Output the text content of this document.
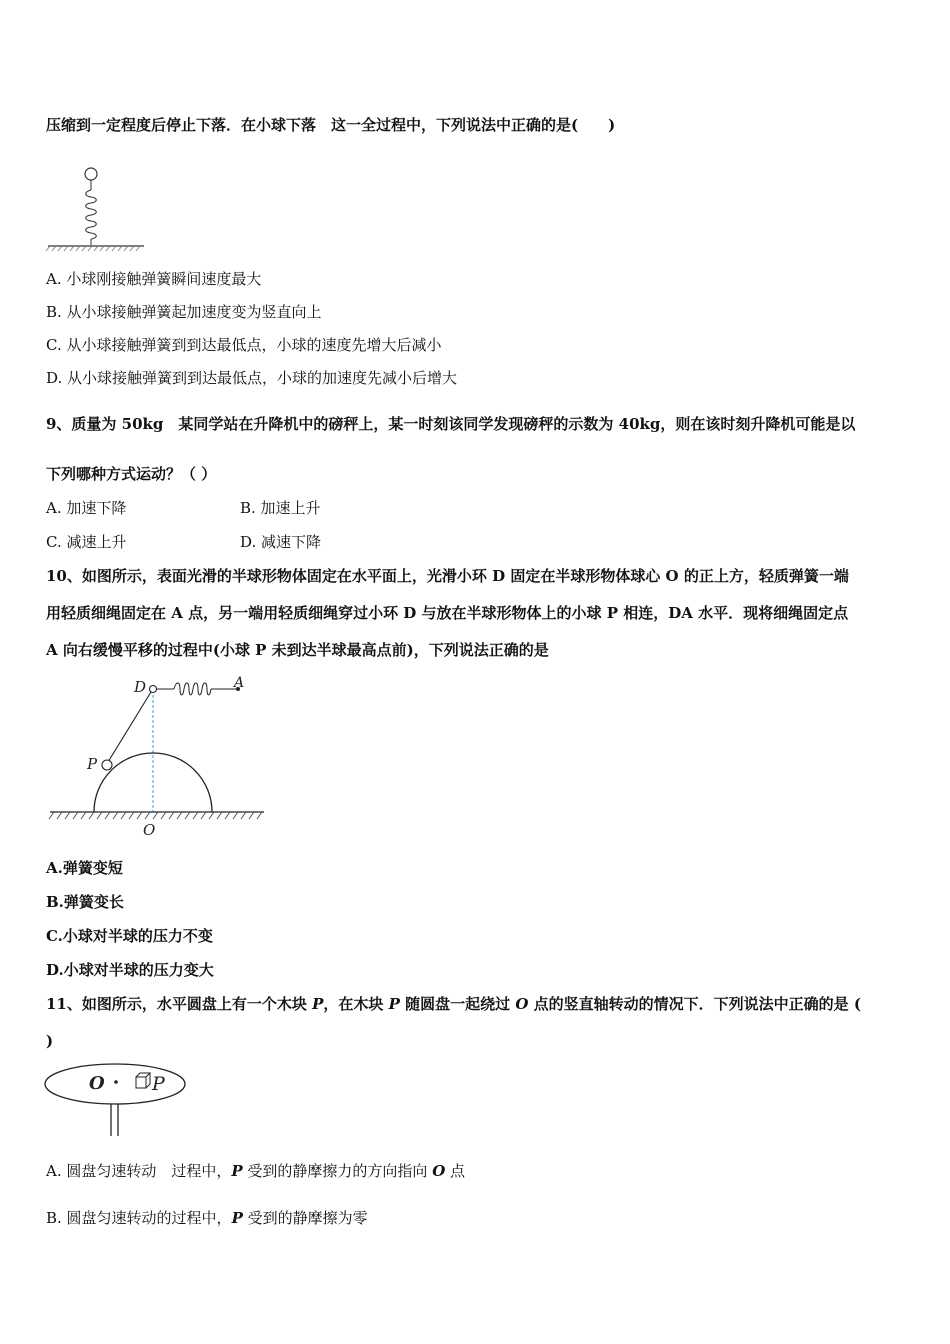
压缩到一定程度后停止下落．在小球下落　这一全过程中，下列说法中正确的是(　　)
A. 小球刚接触弹簧瞬间速度最大
B. 从小球接触弹簧起加速度变为竖直向上
C. 从小球接触弹簧到到达最低点，小球的速度先增大后减小
D. 从小球接触弹簧到到达最低点，小球的加速度先减小后增大
9、质量为 50kg　某同学站在升降机中的磅秤上，某一时刻该同学发现磅秤的示数为 40kg，则在该时刻升降机可能是以
下列哪种方式运动？（ ）
A. 加速下降	B. 加速上升
C. 减速上升	D. 减速下降
10、如图所示，表面光滑的半球形物体固定在水平面上，光滑小环 D 固定在半球形物体球心 O 的正上方，轻质弹簧一端
用轻质细绳固定在 A 点，另一端用轻质细绳穿过小环 D 与放在半球形物体上的小球 P 相连，DA 水平．现将细绳固定点
A 向右缓慢平移的过程中(小球 P 未到达半球最高点前)，下列说法正确的是
D	A
P
O
A.弹簧变短
B.弹簧变长
C.小球对半球的压力不变
D.小球对半球的压力变大
11、如图所示，水平圆盘上有一个木块 P，在木块 P 随圆盘一起绕过 O 点的竖直轴转动的情况下．下列说法中正确的是 (
)
O P
A. 圆盘匀速转动　过程中，P 受到的静摩擦力的方向指向 O 点
B. 圆盘匀速转动的过程中，P 受到的静摩擦为零
